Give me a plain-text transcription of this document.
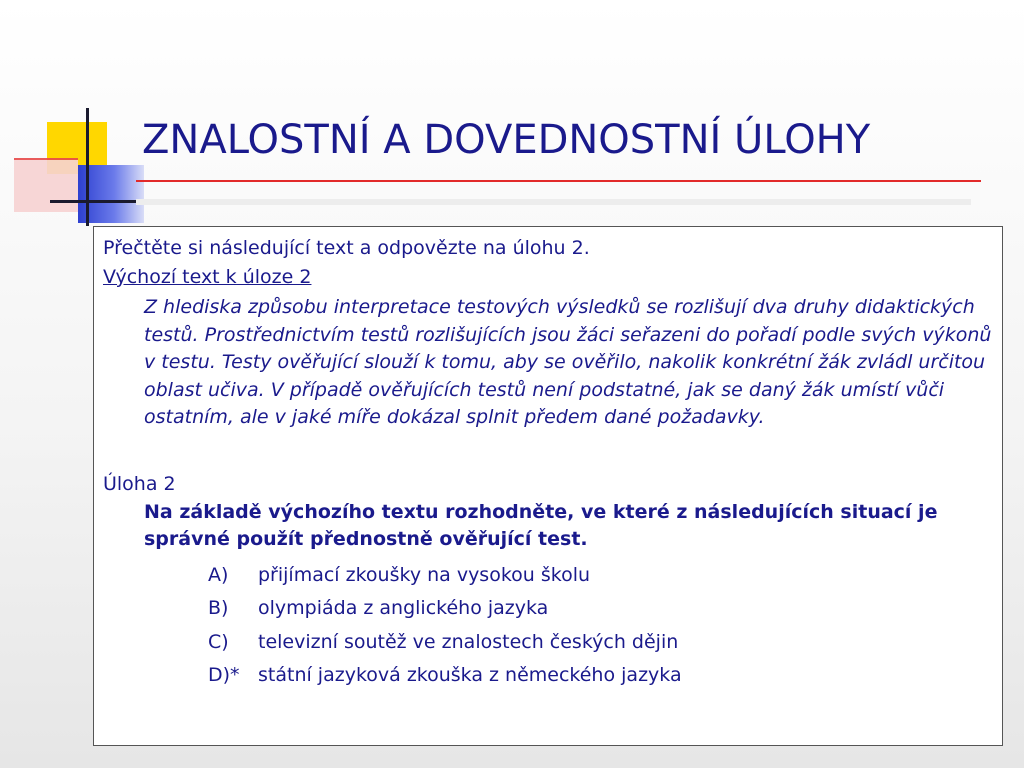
ZNALOSTNÍ A DOVEDNOSTNÍ ÚLOHY

Přečtěte si následující text a odpovězte na úlohu 2.

Výchozí text k úloze 2

Z hlediska způsobu interpretace testových výsledků se rozlišují dva druhy didaktických testů. Prostřednictvím testů rozlišujících jsou žáci seřazeni do pořadí podle svých výkonů v testu. Testy ověřující slouží k tomu, aby se ověřilo, nakolik konkrétní žák zvládl určitou oblast učiva. V případě ověřujících testů není podstatné, jak se daný žák umístí vůči ostatním, ale v jaké míře dokázal splnit předem dané požadavky.

Úloha 2

Na základě výchozího textu rozhodněte, ve které z následujících situací je správné použít přednostně ověřující test.

A)	přijímací zkoušky na vysokou školu
B)	olympiáda z anglického jazyka
C)	televizní soutěž ve znalostech českých dějin
D)* státní jazyková zkouška z německého jazyka
